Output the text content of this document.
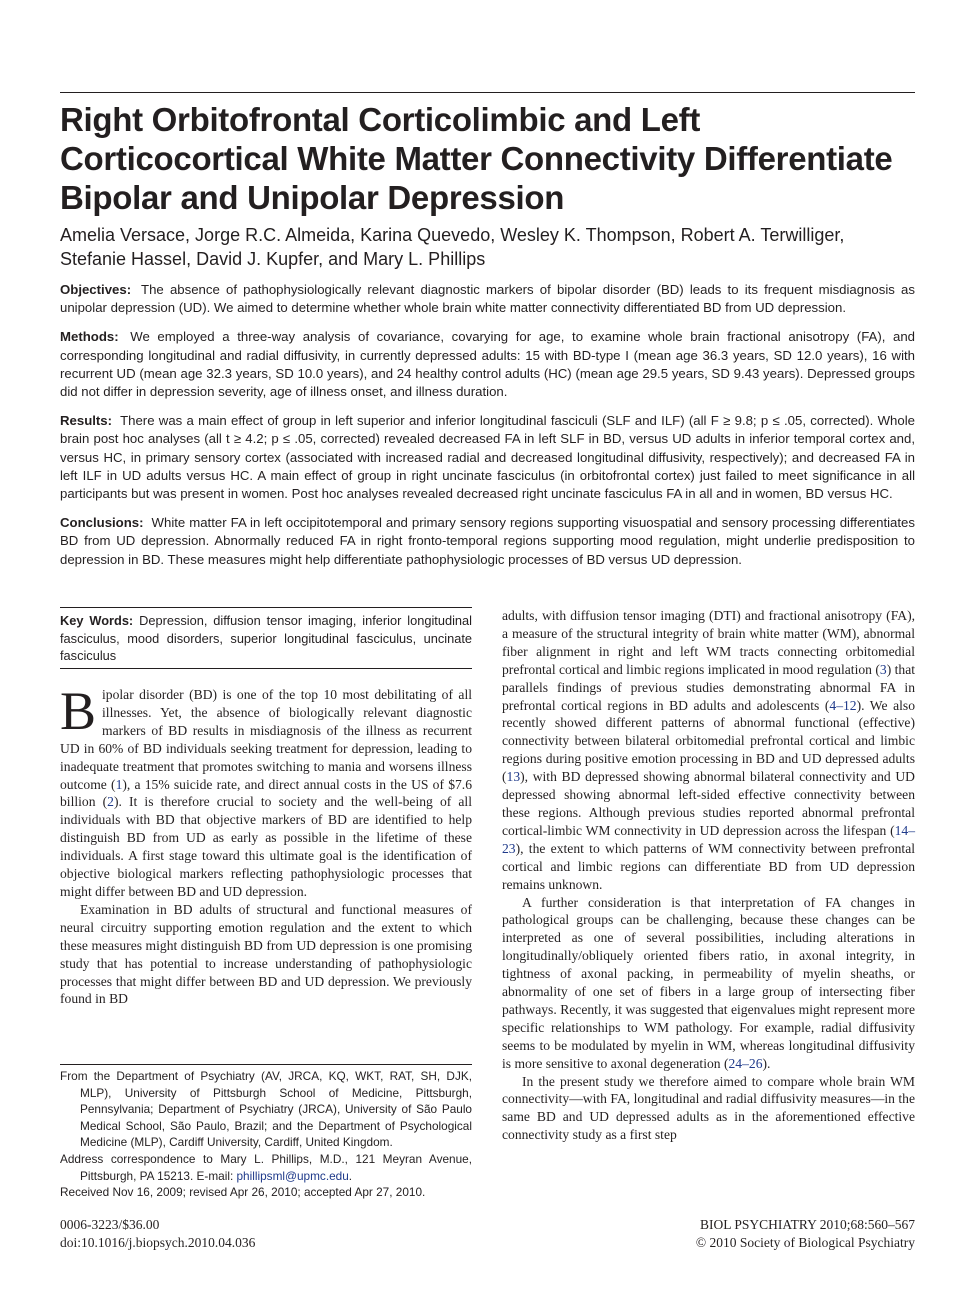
Right Orbitofrontal Corticolimbic and Left
Corticocortical White Matter Connectivity Differentiate
Bipolar and Unipolar Depression
Amelia Versace, Jorge R.C. Almeida, Karina Quevedo, Wesley K. Thompson, Robert A. Terwilliger,
Stefanie Hassel, David J. Kupfer, and Mary L. Phillips

Objectives: The absence of pathophysiologically relevant diagnostic markers of bipolar disorder (BD) leads to its frequent misdiagnosis as unipolar depression (UD). We aimed to determine whether whole brain white matter connectivity differentiated BD from UD depression.

Methods: We employed a three-way analysis of covariance, covarying for age, to examine whole brain fractional anisotropy (FA), and corresponding longitudinal and radial diffusivity, in currently depressed adults: 15 with BD-type I (mean age 36.3 years, SD 12.0 years), 16 with recurrent UD (mean age 32.3 years, SD 10.0 years), and 24 healthy control adults (HC) (mean age 29.5 years, SD 9.43 years). Depressed groups did not differ in depression severity, age of illness onset, and illness duration.

Results: There was a main effect of group in left superior and inferior longitudinal fasciculi (SLF and ILF) (all F ≥ 9.8; p ≤ .05, corrected). Whole brain post hoc analyses (all t ≥ 4.2; p ≤ .05, corrected) revealed decreased FA in left SLF in BD, versus UD adults in inferior temporal cortex and, versus HC, in primary sensory cortex (associated with increased radial and decreased longitudinal diffusivity, respectively); and decreased FA in left ILF in UD adults versus HC. A main effect of group in right uncinate fasciculus (in orbitofrontal cortex) just failed to meet significance in all participants but was present in women. Post hoc analyses revealed decreased right uncinate fasciculus FA in all and in women, BD versus HC.

Conclusions: White matter FA in left occipitotemporal and primary sensory regions supporting visuospatial and sensory processing differentiates BD from UD depression. Abnormally reduced FA in right fronto-temporal regions supporting mood regulation, might underlie predisposition to depression in BD. These measures might help differentiate pathophysiologic processes of BD versus UD depression.

Key Words: Depression, diffusion tensor imaging, inferior longitudinal fasciculus, mood disorders, superior longitudinal fasciculus, uncinate fasciculus

Bipolar disorder (BD) is one of the top 10 most debilitating of all illnesses. Yet, the absence of biologically relevant diagnostic markers of BD results in misdiagnosis of the illness as recurrent UD in 60% of BD individuals seeking treatment for depression, leading to inadequate treatment that promotes switching to mania and worsens illness outcome (1), a 15% suicide rate, and direct annual costs in the US of $7.6 billion (2). It is therefore crucial to society and the well-being of all individuals with BD that objective markers of BD are identified to help distinguish BD from UD as early as possible in the lifetime of these individuals. A first stage toward this ultimate goal is the identification of objective biological markers reflecting pathophysiologic processes that might differ between BD and UD depression.

Examination in BD adults of structural and functional measures of neural circuitry supporting emotion regulation and the extent to which these measures might distinguish BD from UD depression is one promising study that has potential to increase understanding of pathophysiologic processes that might differ between BD and UD depression. We previously found in BD

adults, with diffusion tensor imaging (DTI) and fractional anisotropy (FA), a measure of the structural integrity of brain white matter (WM), abnormal fiber alignment in right and left WM tracts connecting orbitomedial prefrontal cortical and limbic regions implicated in mood regulation (3) that parallels findings of previous studies demonstrating abnormal FA in prefrontal cortical regions in BD adults and adolescents (4–12). We also recently showed different patterns of abnormal functional (effective) connectivity between bilateral orbitomedial prefrontal cortical and limbic regions during positive emotion processing in BD and UD depressed adults (13), with BD depressed showing abnormal bilateral connectivity and UD depressed showing abnormal left-sided effective connectivity between these regions. Although previous studies reported abnormal prefrontal cortical-limbic WM connectivity in UD depression across the lifespan (14–23), the extent to which patterns of WM connectivity between prefrontal cortical and limbic regions can differentiate BD from UD depression remains unknown.

A further consideration is that interpretation of FA changes in pathological groups can be challenging, because these changes can be interpreted as one of several possibilities, including alterations in longitudinally/obliquely oriented fibers ratio, in axonal integrity, in tightness of axonal packing, in permeability of myelin sheaths, or abnormality of one set of fibers in a large group of intersecting fiber pathways. Recently, it was suggested that eigenvalues might represent more specific relationships to WM pathology. For example, radial diffusivity seems to be modulated by myelin in WM, whereas longitudinal diffusivity is more sensitive to axonal degeneration (24–26).

In the present study we therefore aimed to compare whole brain WM connectivity—with FA, longitudinal and radial diffusivity measures—in the same BD and UD depressed adults as in the aforementioned effective connectivity study as a first step

From the Department of Psychiatry (AV, JRCA, KQ, WKT, RAT, SH, DJK, MLP), University of Pittsburgh School of Medicine, Pittsburgh, Pennsylvania; Department of Psychiatry (JRCA), University of São Paulo Medical School, São Paulo, Brazil; and the Department of Psychological Medicine (MLP), Cardiff University, Cardiff, United Kingdom.

Address correspondence to Mary L. Phillips, M.D., 121 Meyran Avenue, Pittsburgh, PA 15213. E-mail: phillipsml@upmc.edu.

Received Nov 16, 2009; revised Apr 26, 2010; accepted Apr 27, 2010.

0006-3223/$36.00
doi:10.1016/j.biopsych.2010.04.036
BIOL PSYCHIATRY 2010;68:560–567
© 2010 Society of Biological Psychiatry
